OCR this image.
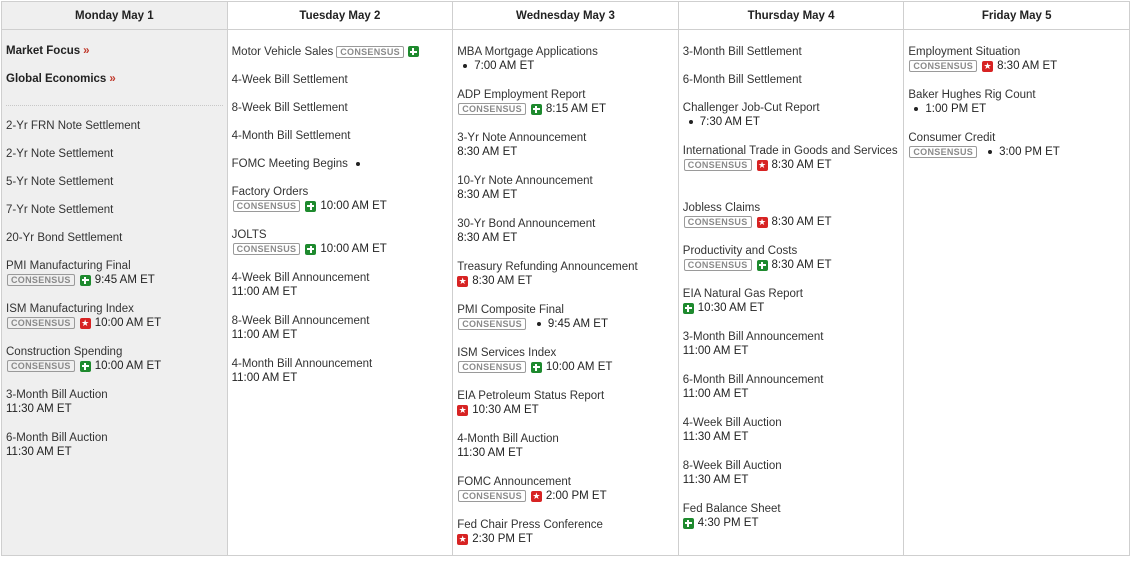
Monday May 1
Market Focus »
Global Economics »
2-Yr FRN Note Settlement
2-Yr Note Settlement
5-Yr Note Settlement
7-Yr Note Settlement
20-Yr Bond Settlement
PMI Manufacturing Final
CONSENSUS	9:45 AM ET
ISM Manufacturing Index
CONSENSUS	★ 10:00 AM ET
Construction Spending
CONSENSUS	10:00 AM ET
3-Month Bill Auction
11:30 AM ET
6-Month Bill Auction
11:30 AM ET
Tuesday May 2
Motor Vehicle Sales CONSENSUS
4-Week Bill Settlement
8-Week Bill Settlement
4-Month Bill Settlement
FOMC Meeting Begins
Factory Orders
CONSENSUS	10:00 AM ET
JOLTS
CONSENSUS	10:00 AM ET
4-Week Bill Announcement
11:00 AM ET
8-Week Bill Announcement
11:00 AM ET
4-Month Bill Announcement
11:00 AM ET
Wednesday May 3
MBA Mortgage Applications
7:00 AM ET
ADP Employment Report
CONSENSUS	8:15 AM ET
3-Yr Note Announcement
8:30 AM ET
10-Yr Note Announcement
8:30 AM ET
30-Yr Bond Announcement
8:30 AM ET
Treasury Refunding Announcement
★ 8:30 AM ET
PMI Composite Final
CONSENSUS	9:45 AM ET
ISM Services Index
CONSENSUS	10:00 AM ET
EIA Petroleum Status Report
★ 10:30 AM ET
4-Month Bill Auction
11:30 AM ET
FOMC Announcement
CONSENSUS	★ 2:00 PM ET
Fed Chair Press Conference
★ 2:30 PM ET
Thursday May 4
3-Month Bill Settlement
6-Month Bill Settlement
Challenger Job-Cut Report
7:30 AM ET
International Trade in Goods and Services
CONSENSUS	★ 8:30 AM ET
Jobless Claims
CONSENSUS	★ 8:30 AM ET
Productivity and Costs
CONSENSUS	8:30 AM ET
EIA Natural Gas Report
10:30 AM ET
3-Month Bill Announcement
11:00 AM ET
6-Month Bill Announcement
11:00 AM ET
4-Week Bill Auction
11:30 AM ET
8-Week Bill Auction
11:30 AM ET
Fed Balance Sheet
4:30 PM ET
Friday May 5
Employment Situation
CONSENSUS	★ 8:30 AM ET
Baker Hughes Rig Count
1:00 PM ET
Consumer Credit
CONSENSUS	3:00 PM ET
